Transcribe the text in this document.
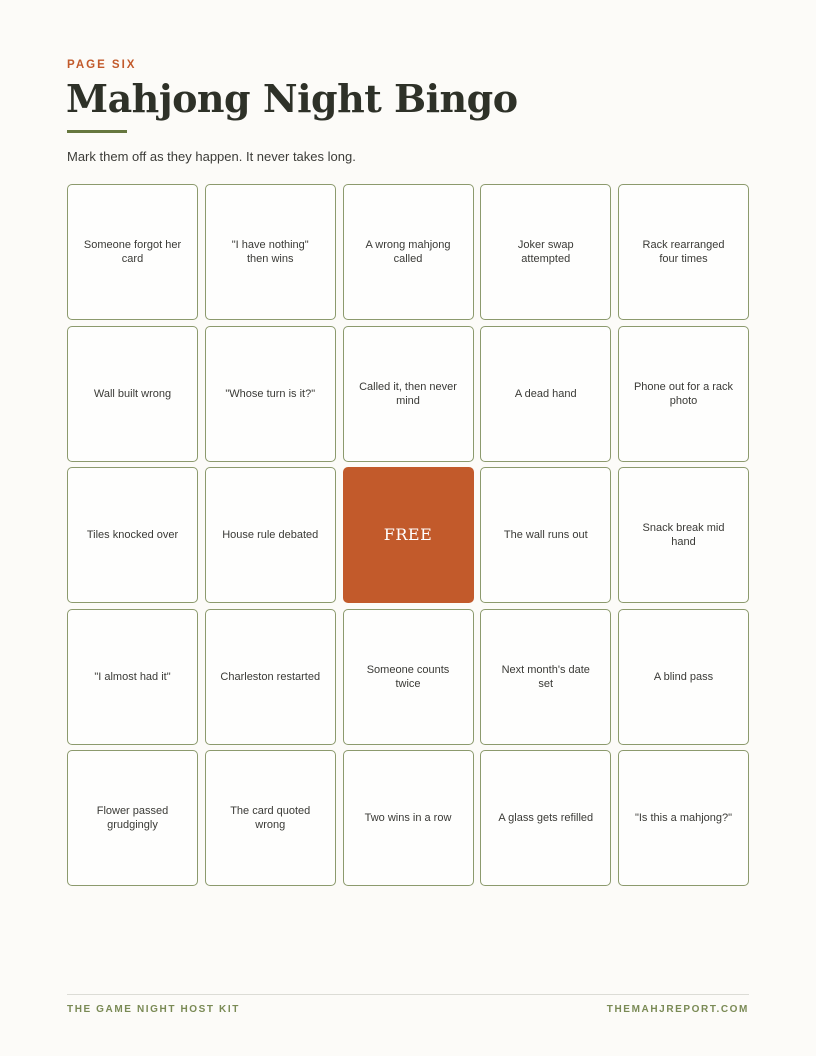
PAGE SIX
Mahjong Night Bingo
Mark them off as they happen. It never takes long.
Someone forgot her card
"I have nothing" then wins
A wrong mahjong called
Joker swap attempted
Rack rearranged four times
Wall built wrong	"Whose turn is it?"
Called it, then never mind
A dead hand
Phone out for a rack photo
Tiles knocked over	House rule debated	FREE	The wall runs out
Snack break mid hand
"I almost had it"	Charleston restarted
Someone counts twice
Next month's date set
A blind pass
Flower passed grudgingly
The card quoted wrong
Two wins in a row	A glass gets refilled	"Is this a mahjong?"
THE GAME NIGHT HOST KIT	THEMAHJREPORT.COM
